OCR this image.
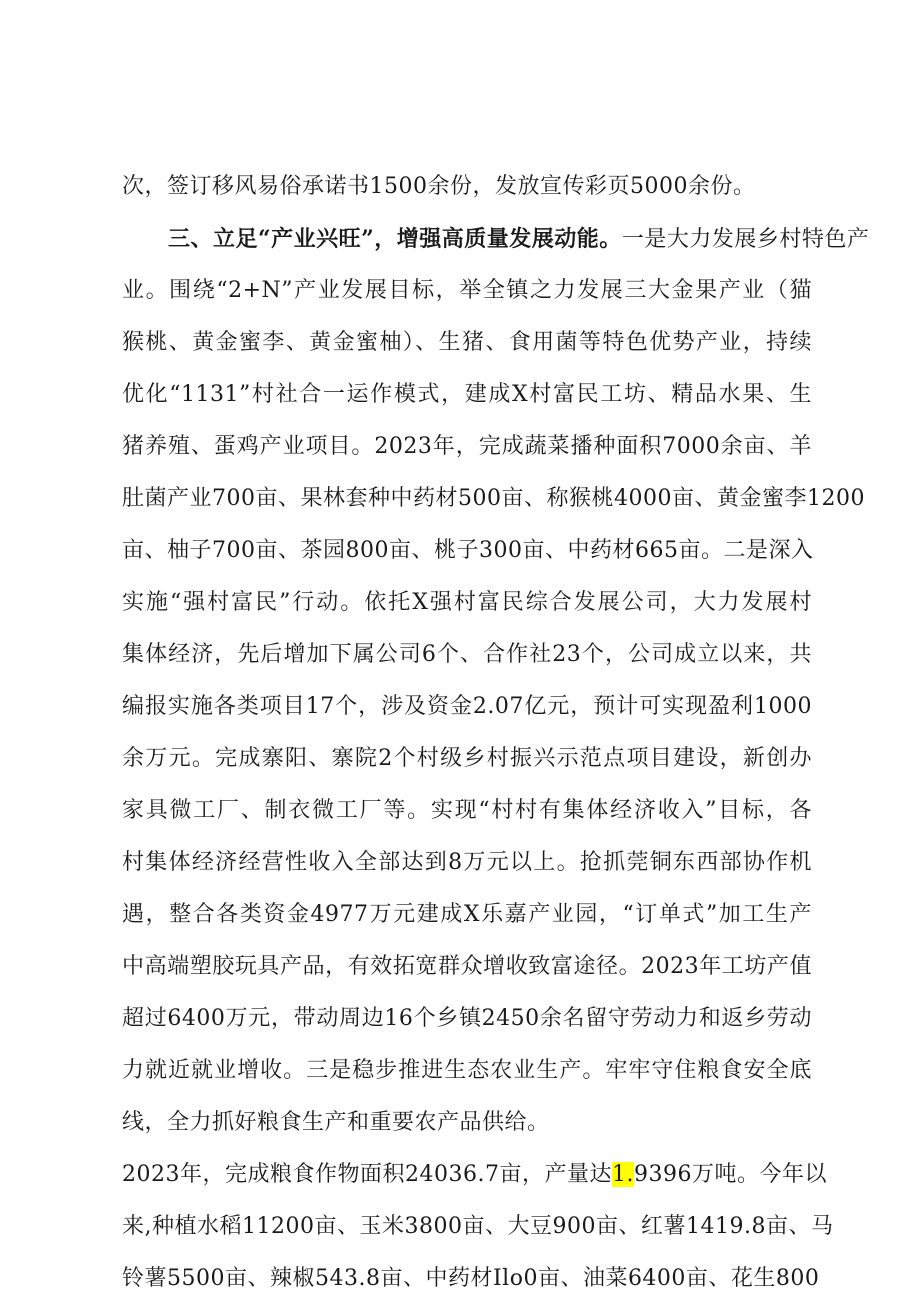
次，签订移风易俗承诺书1500余份，发放宣传彩页5000余份。
三、立足“产业兴旺”，增强高质量发展动能。一是大力发展乡村特色产
业。围绕“2+N”产业发展目标，举全镇之力发展三大金果产业（猫
猴桃、黄金蜜李、黄金蜜柚）、生猪、食用菌等特色优势产业，持续
优化“1131”村社合一运作模式，建成X村富民工坊、精品水果、生
猪养殖、蛋鸡产业项目。2023年，完成蔬菜播种面积7000余亩、羊
肚菌产业700亩、果林套种中药材500亩、称猴桃4000亩、黄金蜜李1200
亩、柚子700亩、茶园800亩、桃子300亩、中药材665亩。二是深入
实施“强村富民”行动。依托X强村富民综合发展公司，大力发展村
集体经济，先后增加下属公司6个、合作社23个，公司成立以来，共
编报实施各类项目17个，涉及资金2.07亿元，预计可实现盈利1000
余万元。完成寨阳、寨院2个村级乡村振兴示范点项目建设，新创办
家具微工厂、制衣微工厂等。实现“村村有集体经济收入”目标，各
村集体经济经营性收入全部达到8万元以上。抢抓莞铜东西部协作机
遇，整合各类资金4977万元建成X乐嘉产业园，“订单式”加工生产
中高端塑胶玩具产品，有效拓宽群众增收致富途径。2023年工坊产值
超过6400万元，带动周边16个乡镇2450余名留守劳动力和返乡劳动
力就近就业增收。三是稳步推进生态农业生产。牢牢守住粮食安全底
线，全力抓好粮食生产和重要农产品供给。
2023年，完成粮食作物面积24036.7亩，产量达1.9396万吨。今年以
来,种植水稻11200亩、玉米3800亩、大豆900亩、红薯1419.8亩、马
铃薯5500亩、辣椒543.8亩、中药材Ilo0亩、油菜6400亩、花生800
